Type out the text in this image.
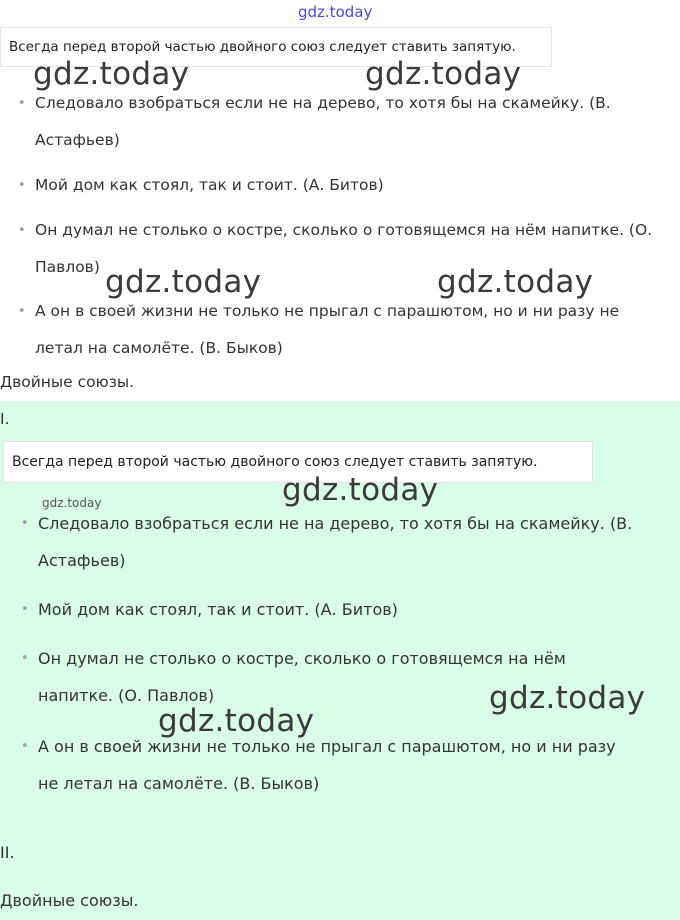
gdz.today
Всегда перед второй частью двойного союз следует ставить запятую.
gdz.today	gdz.today
• Следовало взобраться если не на дерево, то хотя бы на скамейку. (В.
Астафьев)
• Мой дом как стоял, так и стоит. (А. Битов)
• Он думал не столько о костре, сколько о готовящемся на нём напитке. (О.
Павлов) gdz.today	gdz.today
• А он в своей жизни не только не прыгал с парашютом, но и ни разу не
летал на самолёте. (В. Быков)
Двойные союзы.
I.
Всегда перед второй частью двойного союз следует ставить запятую.
gdz.today	gdz.today
• Следовало взобраться если не на дерево, то хотя бы на скамейку. (В.
Астафьев)
• Мой дом как стоял, так и стоит. (А. Битов)
• Он думал не столько о костре, сколько о готовящемся на нём
напитке. (О. Павлов)	gdz.today
gdz.today
• А он в своей жизни не только не прыгал с парашютом, но и ни разу
не летал на самолёте. (В. Быков)
II.
Двойные союзы.
